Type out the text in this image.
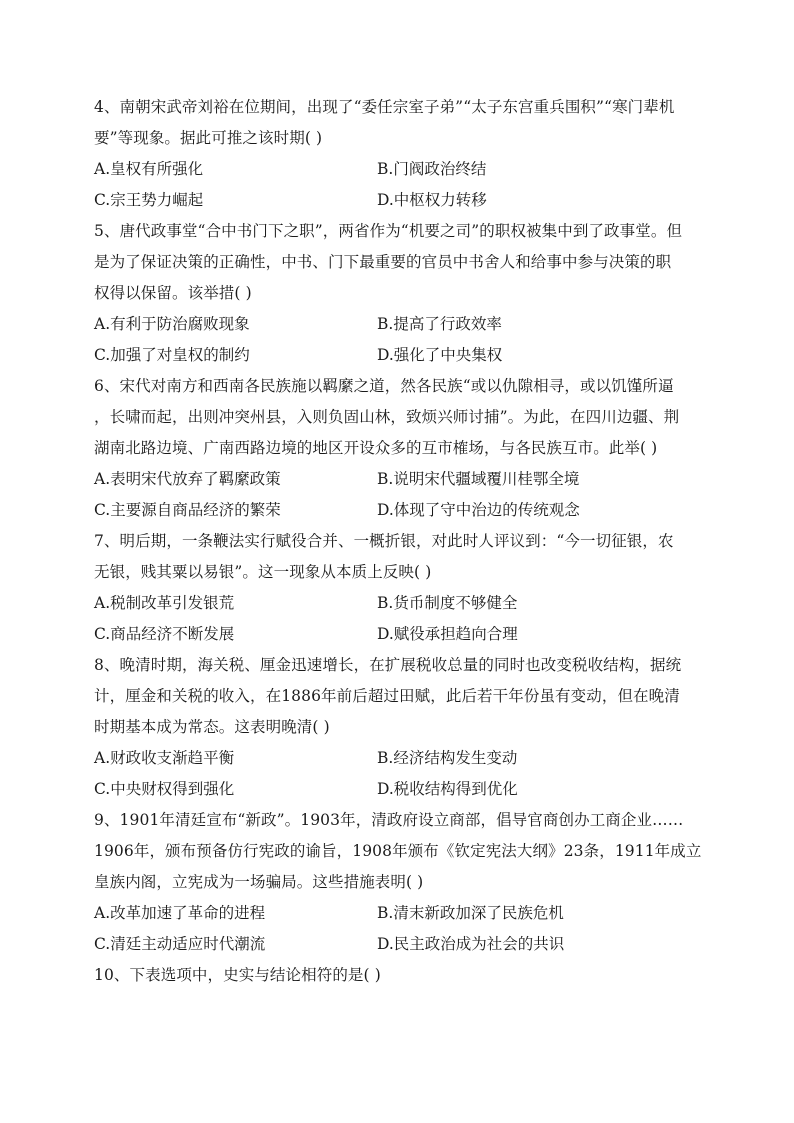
4、南朝宋武帝刘裕在位期间，出现了“委任宗室子弟”“太子东宫重兵围积”“寒门辈机
要”等现象。据此可推之该时期( )
A.皇权有所强化	B.门阀政治终结
C.宗王势力崛起	D.中枢权力转移
5、唐代政事堂“合中书门下之职”，两省作为“机要之司”的职权被集中到了政事堂。但
是为了保证决策的正确性，中书、门下最重要的官员中书舍人和给事中参与决策的职
权得以保留。该举措( )
A.有利于防治腐败现象	B.提高了行政效率
C.加强了对皇权的制约	D.强化了中央集权
6、宋代对南方和西南各民族施以羁縻之道，然各民族“或以仇隙相寻，或以饥馑所逼
，长啸而起，出则冲突州县，入则负固山林，致烦兴师讨捕”。为此，在四川边疆、荆
湖南北路边境、广南西路边境的地区开设众多的互市榷场，与各民族互市。此举( )
A.表明宋代放弃了羁縻政策	B.说明宋代疆域覆川桂鄂全境
C.主要源自商品经济的繁荣	D.体现了守中治边的传统观念
7、明后期，一条鞭法实行赋役合并、一概折银，对此时人评议到：“今一切征银，农
无银，贱其粟以易银”。这一现象从本质上反映( )
A.税制改革引发银荒	B.货币制度不够健全
C.商品经济不断发展	D.赋役承担趋向合理
8、晚清时期，海关税、厘金迅速增长，在扩展税收总量的同时也改变税收结构，据统
计，厘金和关税的收入，在1886年前后超过田赋，此后若干年份虽有变动，但在晚清
时期基本成为常态。这表明晚清( )
A.财政收支渐趋平衡	B.经济结构发生变动
C.中央财权得到强化	D.税收结构得到优化
9、1901年清廷宣布“新政”。1903年，清政府设立商部，倡导官商创办工商企业……
1906年，颁布预备仿行宪政的谕旨，1908年颁布《钦定宪法大纲》23条，1911年成立
皇族内阁，立宪成为一场骗局。这些措施表明( )
A.改革加速了革命的进程	B.清末新政加深了民族危机
C.清廷主动适应时代潮流	D.民主政治成为社会的共识
10、下表选项中，史实与结论相符的是( )
